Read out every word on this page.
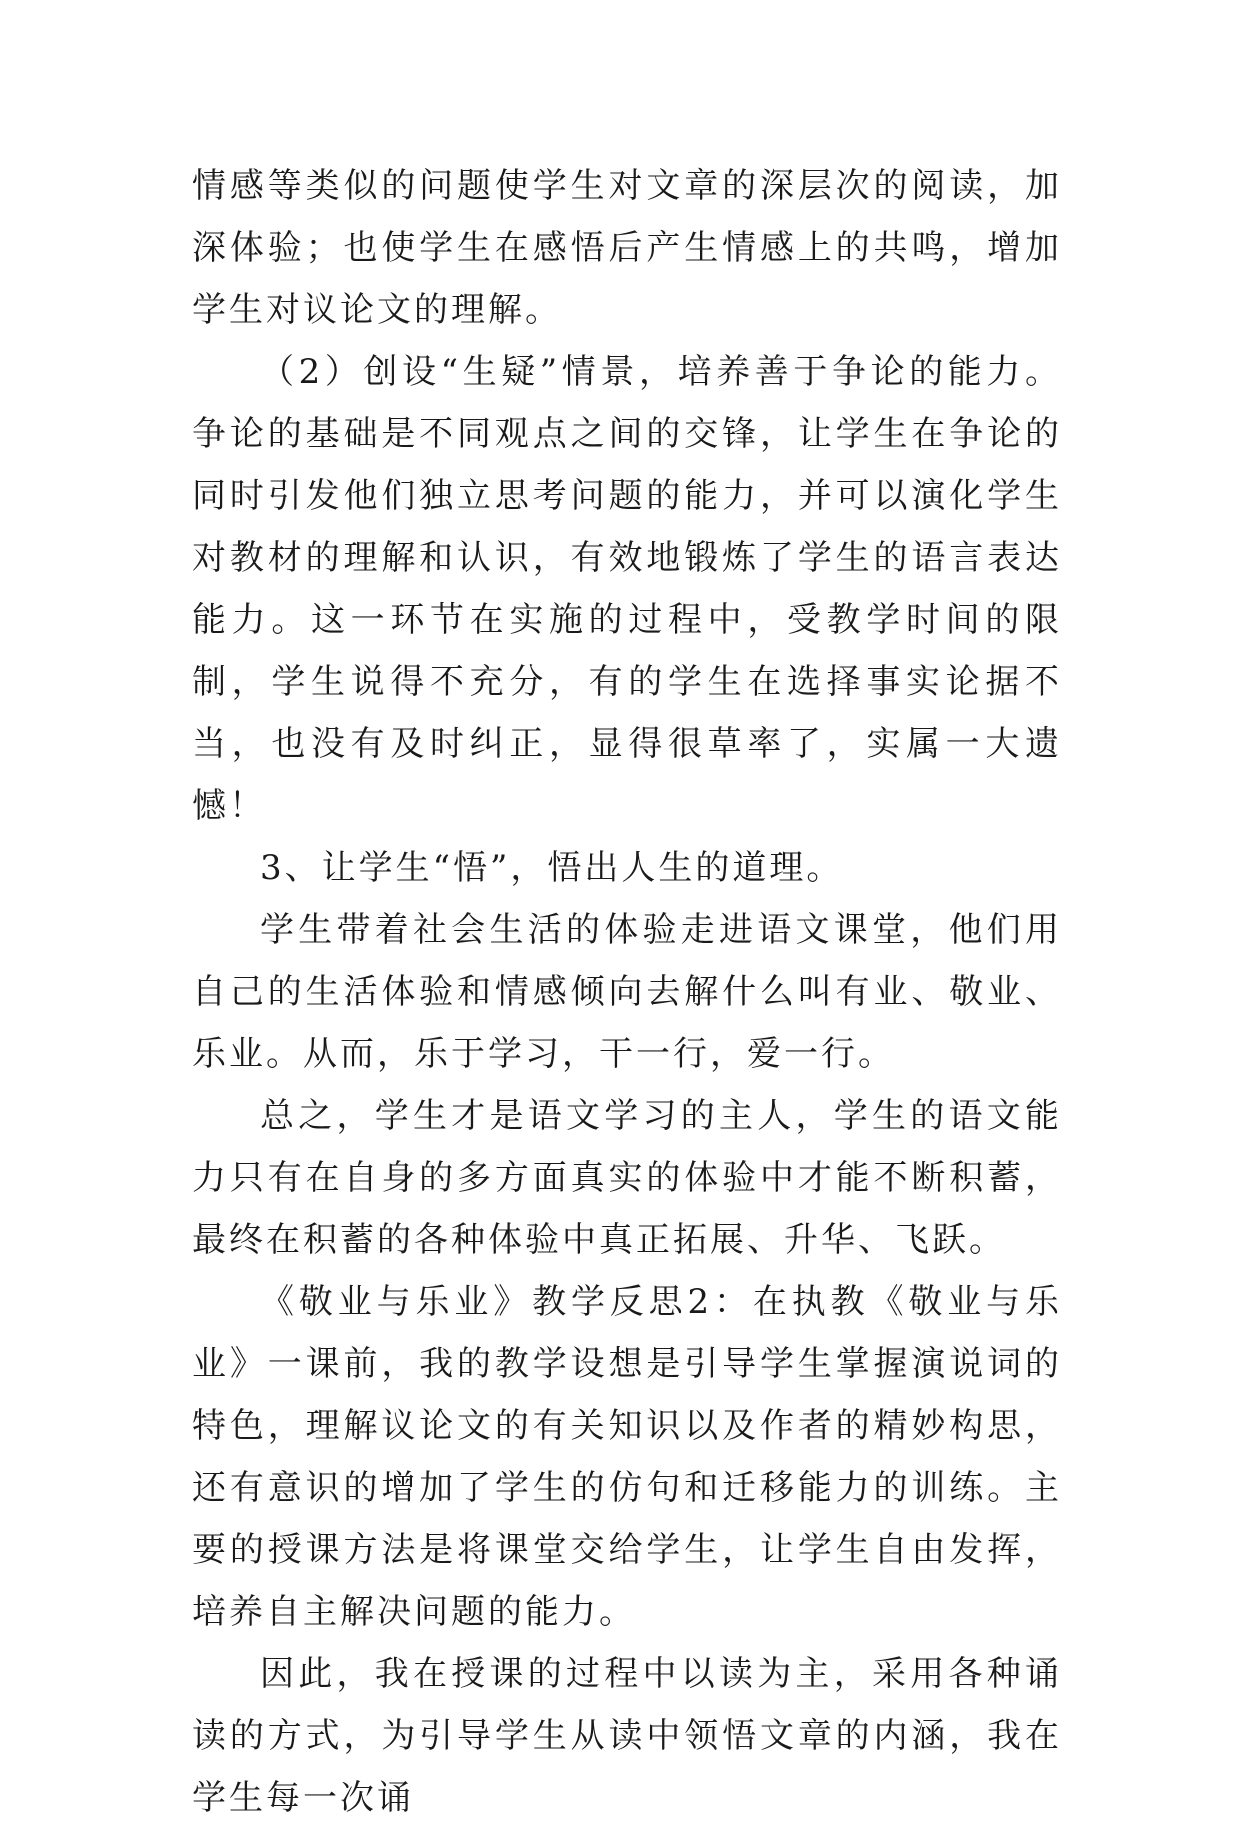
情感等类似的问题使学生对文章的深层次的阅读，加深体验；也使学生在感悟后产生情感上的共鸣，增加学生对议论文的理解。

（2）创设“生疑”情景，培养善于争论的能力。争论的基础是不同观点之间的交锋，让学生在争论的同时引发他们独立思考问题的能力，并可以演化学生对教材的理解和认识，有效地锻炼了学生的语言表达能力。这一环节在实施的过程中，受教学时间的限制，学生说得不充分，有的学生在选择事实论据不当，也没有及时纠正，显得很草率了，实属一大遗憾！

3、让学生“悟”，悟出人生的道理。

学生带着社会生活的体验走进语文课堂，他们用自己的生活体验和情感倾向去解什么叫有业、敬业、乐业。从而，乐于学习，干一行，爱一行。

总之，学生才是语文学习的主人，学生的语文能力只有在自身的多方面真实的体验中才能不断积蓄，最终在积蓄的各种体验中真正拓展、升华、飞跃。

《敬业与乐业》教学反思2：在执教《敬业与乐业》一课前，我的教学设想是引导学生掌握演说词的特色，理解议论文的有关知识以及作者的精妙构思，还有意识的增加了学生的仿句和迁移能力的训练。主要的授课方法是将课堂交给学生，让学生自由发挥，培养自主解决问题的能力。

因此，我在授课的过程中以读为主，采用各种诵读的方式，为引导学生从读中领悟文章的内涵，我在学生每一次诵
